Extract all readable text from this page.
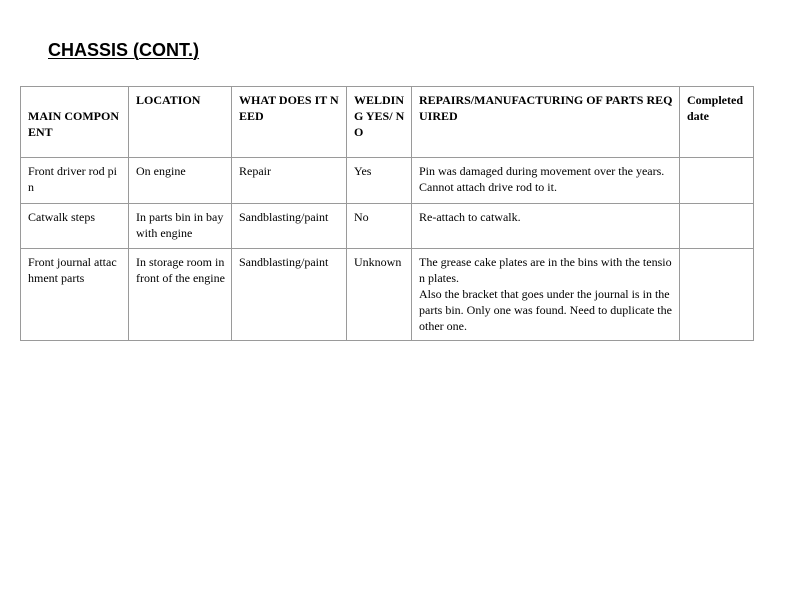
CHASSIS (CONT.)
MAIN COMPONENT	LOCATION	WHAT DOES IT NEED	WELDING YES/ NO	REPAIRS/MANUFACTURING OF PARTS REQUIRED	Completed date

Front driver rod pin	On engine	Repair	Yes	Pin was damaged during movement over the years. Cannot attach drive rod to it.	

Catwalk steps	In parts bin in bay with engine	Sandblasting/paint	No	Re-attach to catwalk.	

Front journal attachment parts	In storage room in front of the engine	Sandblasting/paint	Unknown	The grease cake plates are in the bins with the tension plates.
Also the bracket that goes under the journal is in the parts bin. Only one was found. Need to duplicate the other one.	
